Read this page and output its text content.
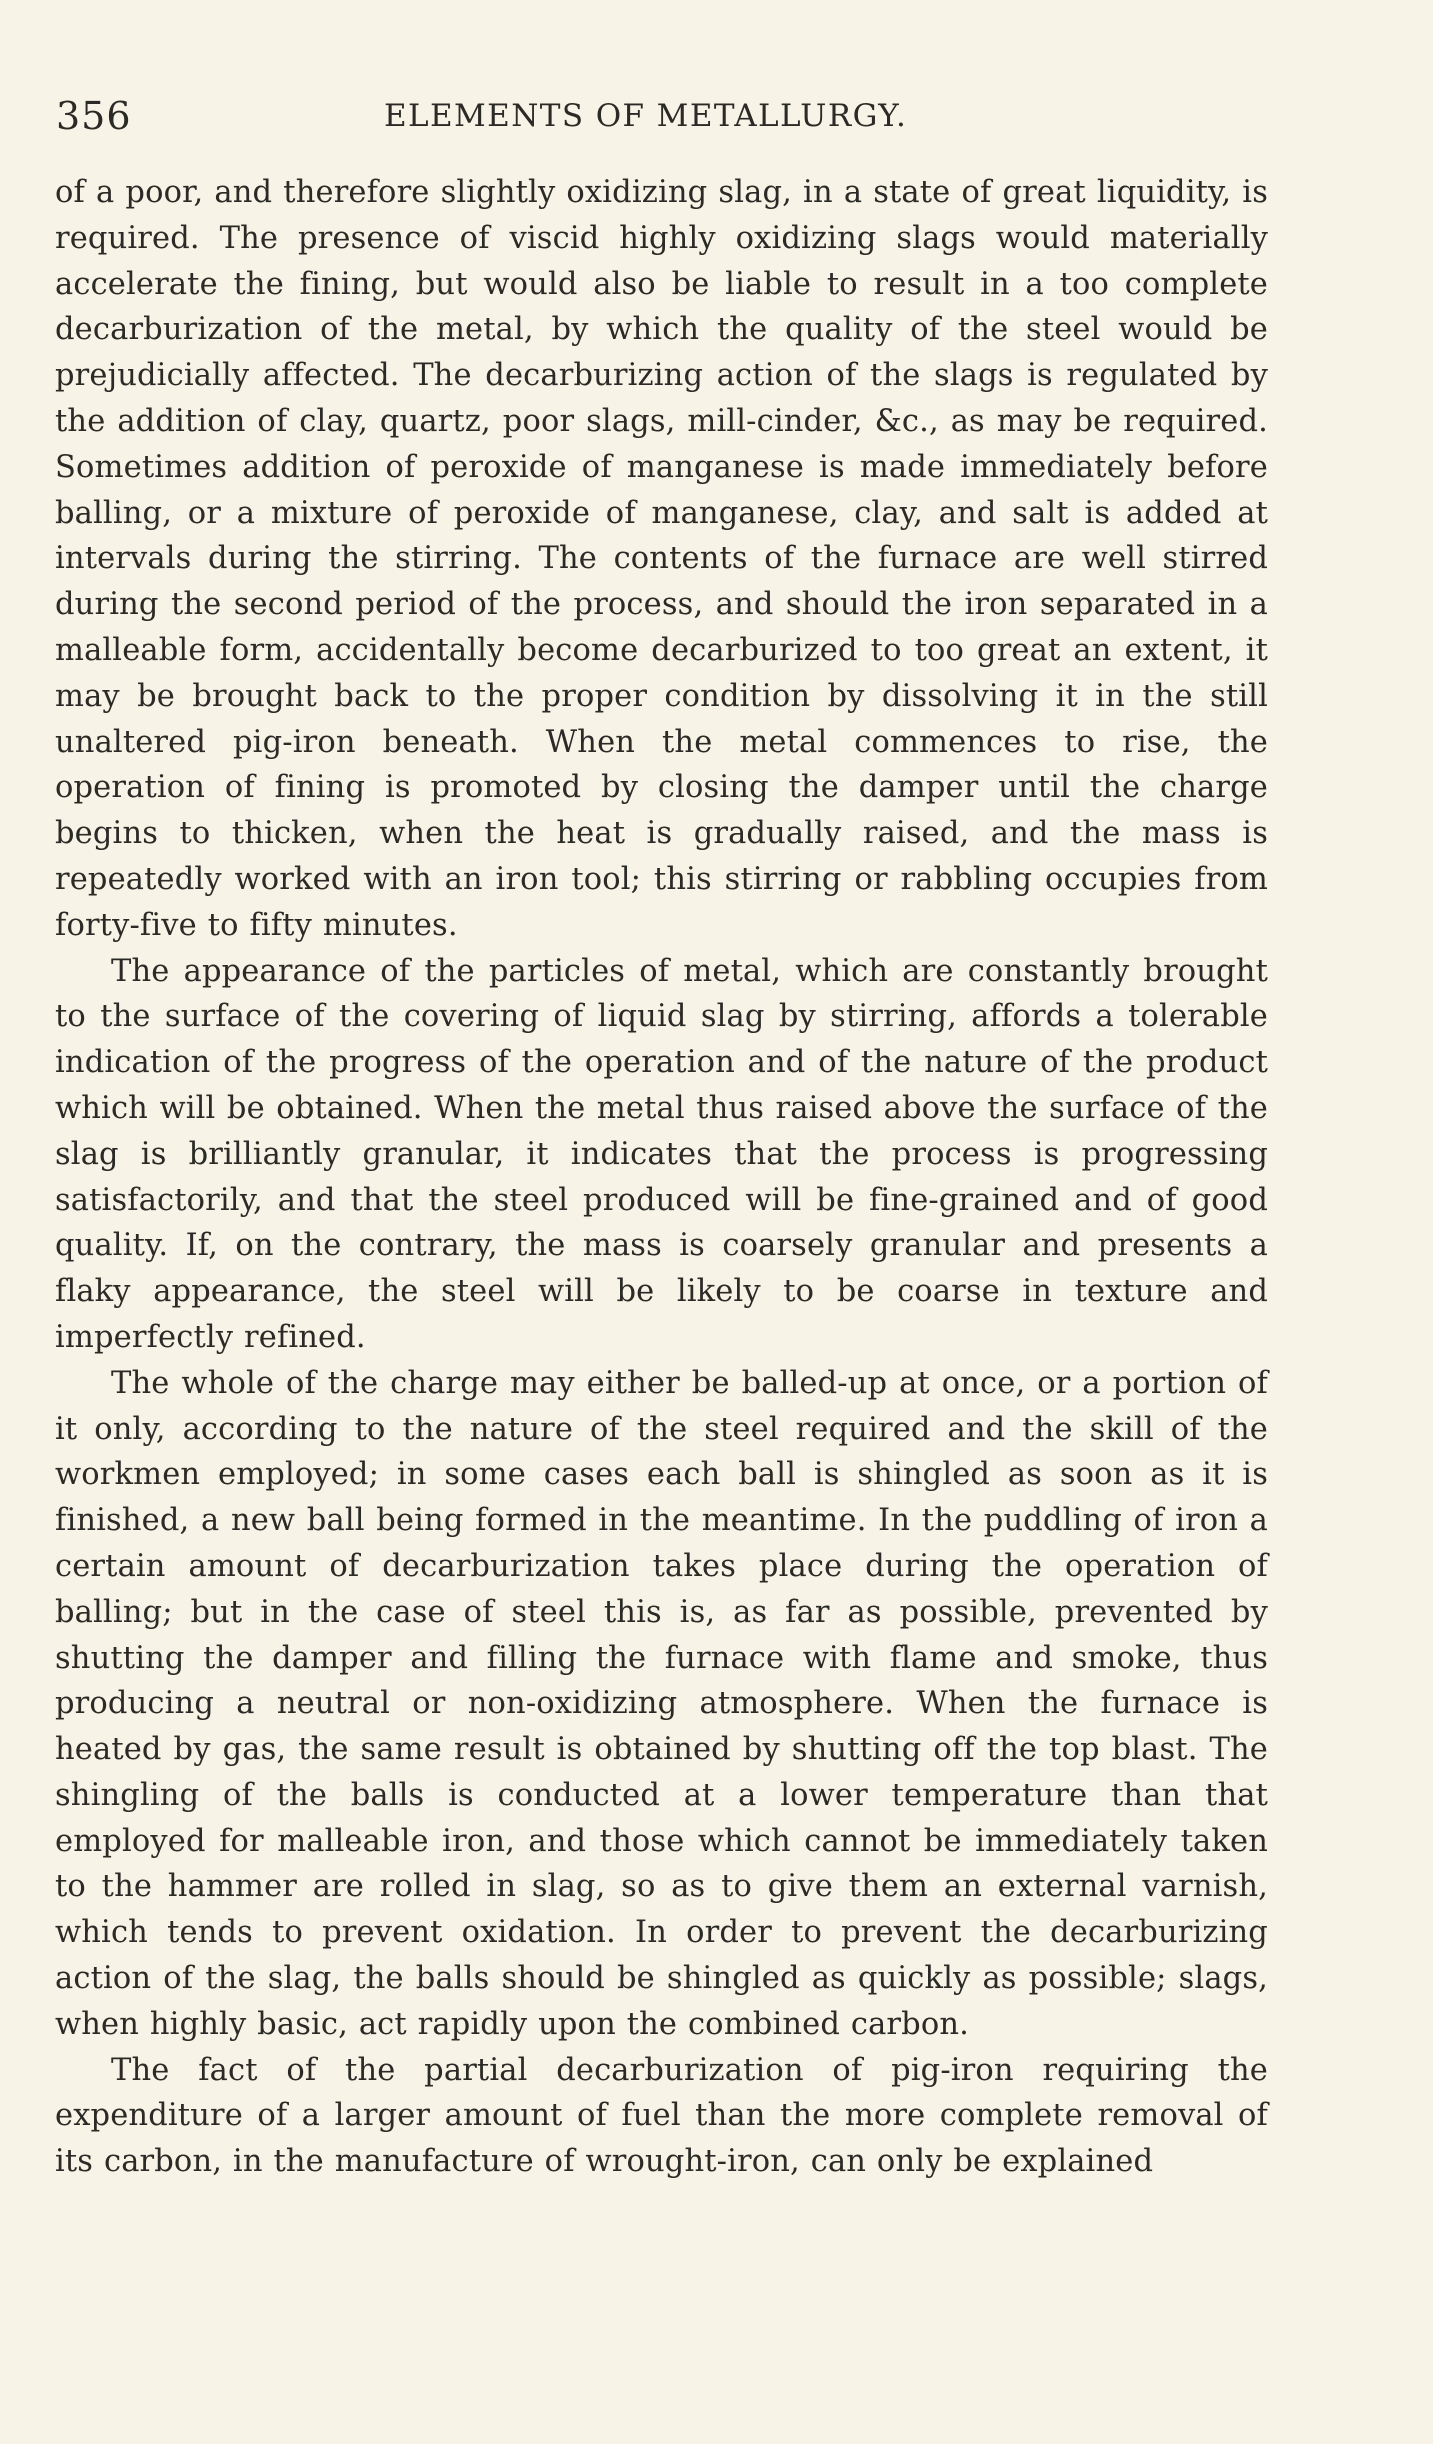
356	ELEMENTS OF METALLURGY.

of a poor, and therefore slightly oxidizing slag, in a state of great liquidity, is required. The presence of viscid highly oxidizing slags would materially accelerate the fining, but would also be liable to result in a too complete decarburization of the metal, by which the quality of the steel would be prejudicially affected. The decarburizing action of the slags is regulated by the addition of clay, quartz, poor slags, mill-cinder, &c., as may be required. Sometimes addition of peroxide of manganese is made immediately before balling, or a mixture of peroxide of manganese, clay, and salt is added at intervals during the stirring. The contents of the furnace are well stirred during the second period of the process, and should the iron separated in a malleable form, accidentally become decarburized to too great an extent, it may be brought back to the proper condition by dissolving it in the still unaltered pig-iron beneath. When the metal commences to rise, the operation of fining is promoted by closing the damper until the charge begins to thicken, when the heat is gradually raised, and the mass is repeatedly worked with an iron tool; this stirring or rabbling occupies from forty-five to fifty minutes.

The appearance of the particles of metal, which are constantly brought to the surface of the covering of liquid slag by stirring, affords a tolerable indication of the progress of the operation and of the nature of the product which will be obtained. When the metal thus raised above the surface of the slag is brilliantly granular, it indicates that the process is progressing satisfactorily, and that the steel produced will be fine-grained and of good quality. If, on the contrary, the mass is coarsely granular and presents a flaky appearance, the steel will be likely to be coarse in texture and imperfectly refined.

The whole of the charge may either be balled-up at once, or a portion of it only, according to the nature of the steel required and the skill of the workmen employed; in some cases each ball is shingled as soon as it is finished, a new ball being formed in the meantime. In the puddling of iron a certain amount of decarburization takes place during the operation of balling; but in the case of steel this is, as far as possible, prevented by shutting the damper and filling the furnace with flame and smoke, thus producing a neutral or non-oxidizing atmosphere. When the furnace is heated by gas, the same result is obtained by shutting off the top blast. The shingling of the balls is conducted at a lower temperature than that employed for malleable iron, and those which cannot be immediately taken to the hammer are rolled in slag, so as to give them an external varnish, which tends to prevent oxidation. In order to prevent the decarburizing action of the slag, the balls should be shingled as quickly as possible; slags, when highly basic, act rapidly upon the combined carbon.

The fact of the partial decarburization of pig-iron requiring the expenditure of a larger amount of fuel than the more complete removal of its carbon, in the manufacture of wrought-iron, can only be explained
